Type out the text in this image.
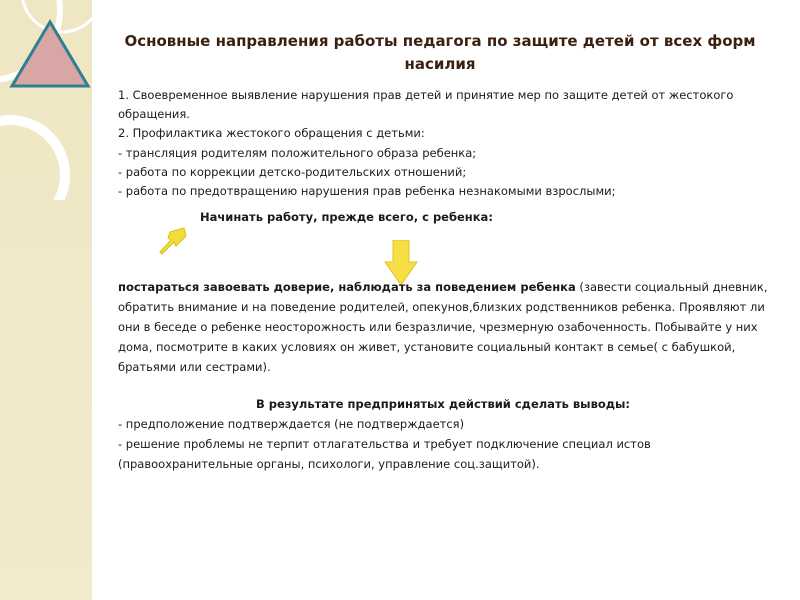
Основные направления работы педагога по защите детей от всех форм насилия
1. Своевременное выявление нарушения прав детей и принятие мер по защите детей от жестокого обращения.
2. Профилактика жестокого обращения с детьми:
- трансляция родителям положительного образа ребенка;
- работа по коррекции детско-родительских отношений;
- работа по предотвращению нарушения прав ребенка незнакомыми взрослыми;
Начинать работу, прежде всего, с ребенка:
постараться завоевать доверие, наблюдать за поведением ребенка (завести социальный дневник, обратить внимание и на поведение родителей, опекунов,близких родственников ребенка. Проявляют ли они в беседе о ребенке неосторожность или безразличие, чрезмерную озабоченность. Побывайте у них дома, посмотрите в каких условиях он живет, установите социальный контакт в семье( с бабушкой, братьями или сестрами).
В результате предпринятых действий сделать выводы:
- предположение подтверждается (не подтверждается)
- решение проблемы не терпит отлагательства и требует подключение специал истов
(правоохранительные органы, психологи, управление соц.защитой).
